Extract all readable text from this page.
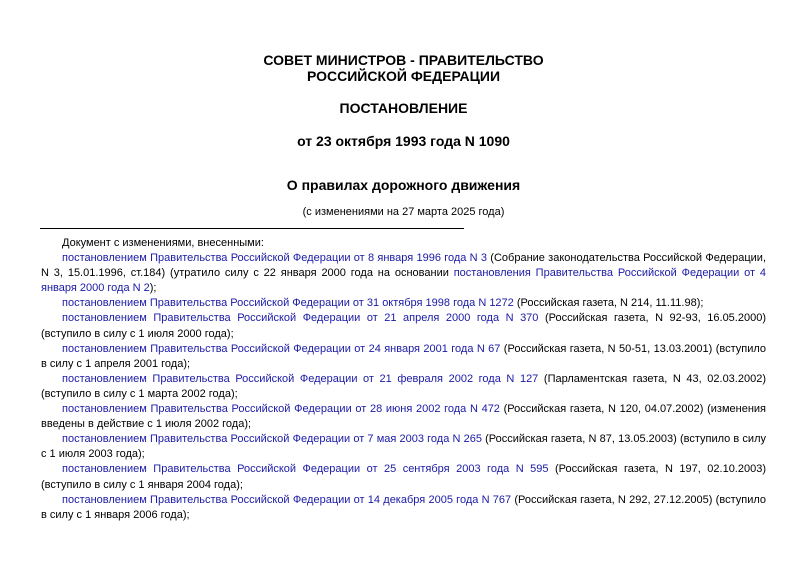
СОВЕТ МИНИСТРОВ - ПРАВИТЕЛЬСТВО
РОССИЙСКОЙ ФЕДЕРАЦИИ
ПОСТАНОВЛЕНИЕ
от 23 октября 1993 года N 1090
О правилах дорожного движения
(с изменениями на 27 марта 2025 года)

Документ с изменениями, внесенными:

постановлением Правительства Российской Федерации от 8 января 1996 года N 3 (Собрание законодательства Российской Федерации, N 3, 15.01.1996, ст.184) (утратило силу с 22 января 2000 года на основании постановления Правительства Российской Федерации от 4 января 2000 года N 2);

постановлением Правительства Российской Федерации от 31 октября 1998 года N 1272 (Российская газета, N 214, 11.11.98);

постановлением Правительства Российской Федерации от 21 апреля 2000 года N 370 (Российская газета, N 92-93, 16.05.2000) (вступило в силу с 1 июля 2000 года);

постановлением Правительства Российской Федерации от 24 января 2001 года N 67 (Российская газета, N 50-51, 13.03.2001) (вступило в силу с 1 апреля 2001 года);

постановлением Правительства Российской Федерации от 21 февраля 2002 года N 127 (Парламентская газета, N 43, 02.03.2002) (вступило в силу с 1 марта 2002 года);

постановлением Правительства Российской Федерации от 28 июня 2002 года N 472 (Российская газета, N 120, 04.07.2002) (изменения введены в действие с 1 июля 2002 года);

постановлением Правительства Российской Федерации от 7 мая 2003 года N 265 (Российская газета, N 87, 13.05.2003) (вступило в силу с 1 июля 2003 года);

постановлением Правительства Российской Федерации от 25 сентября 2003 года N 595 (Российская газета, N 197, 02.10.2003) (вступило в силу с 1 января 2004 года);

постановлением Правительства Российской Федерации от 14 декабря 2005 года N 767 (Российская газета, N 292, 27.12.2005) (вступило в силу с 1 января 2006 года);
